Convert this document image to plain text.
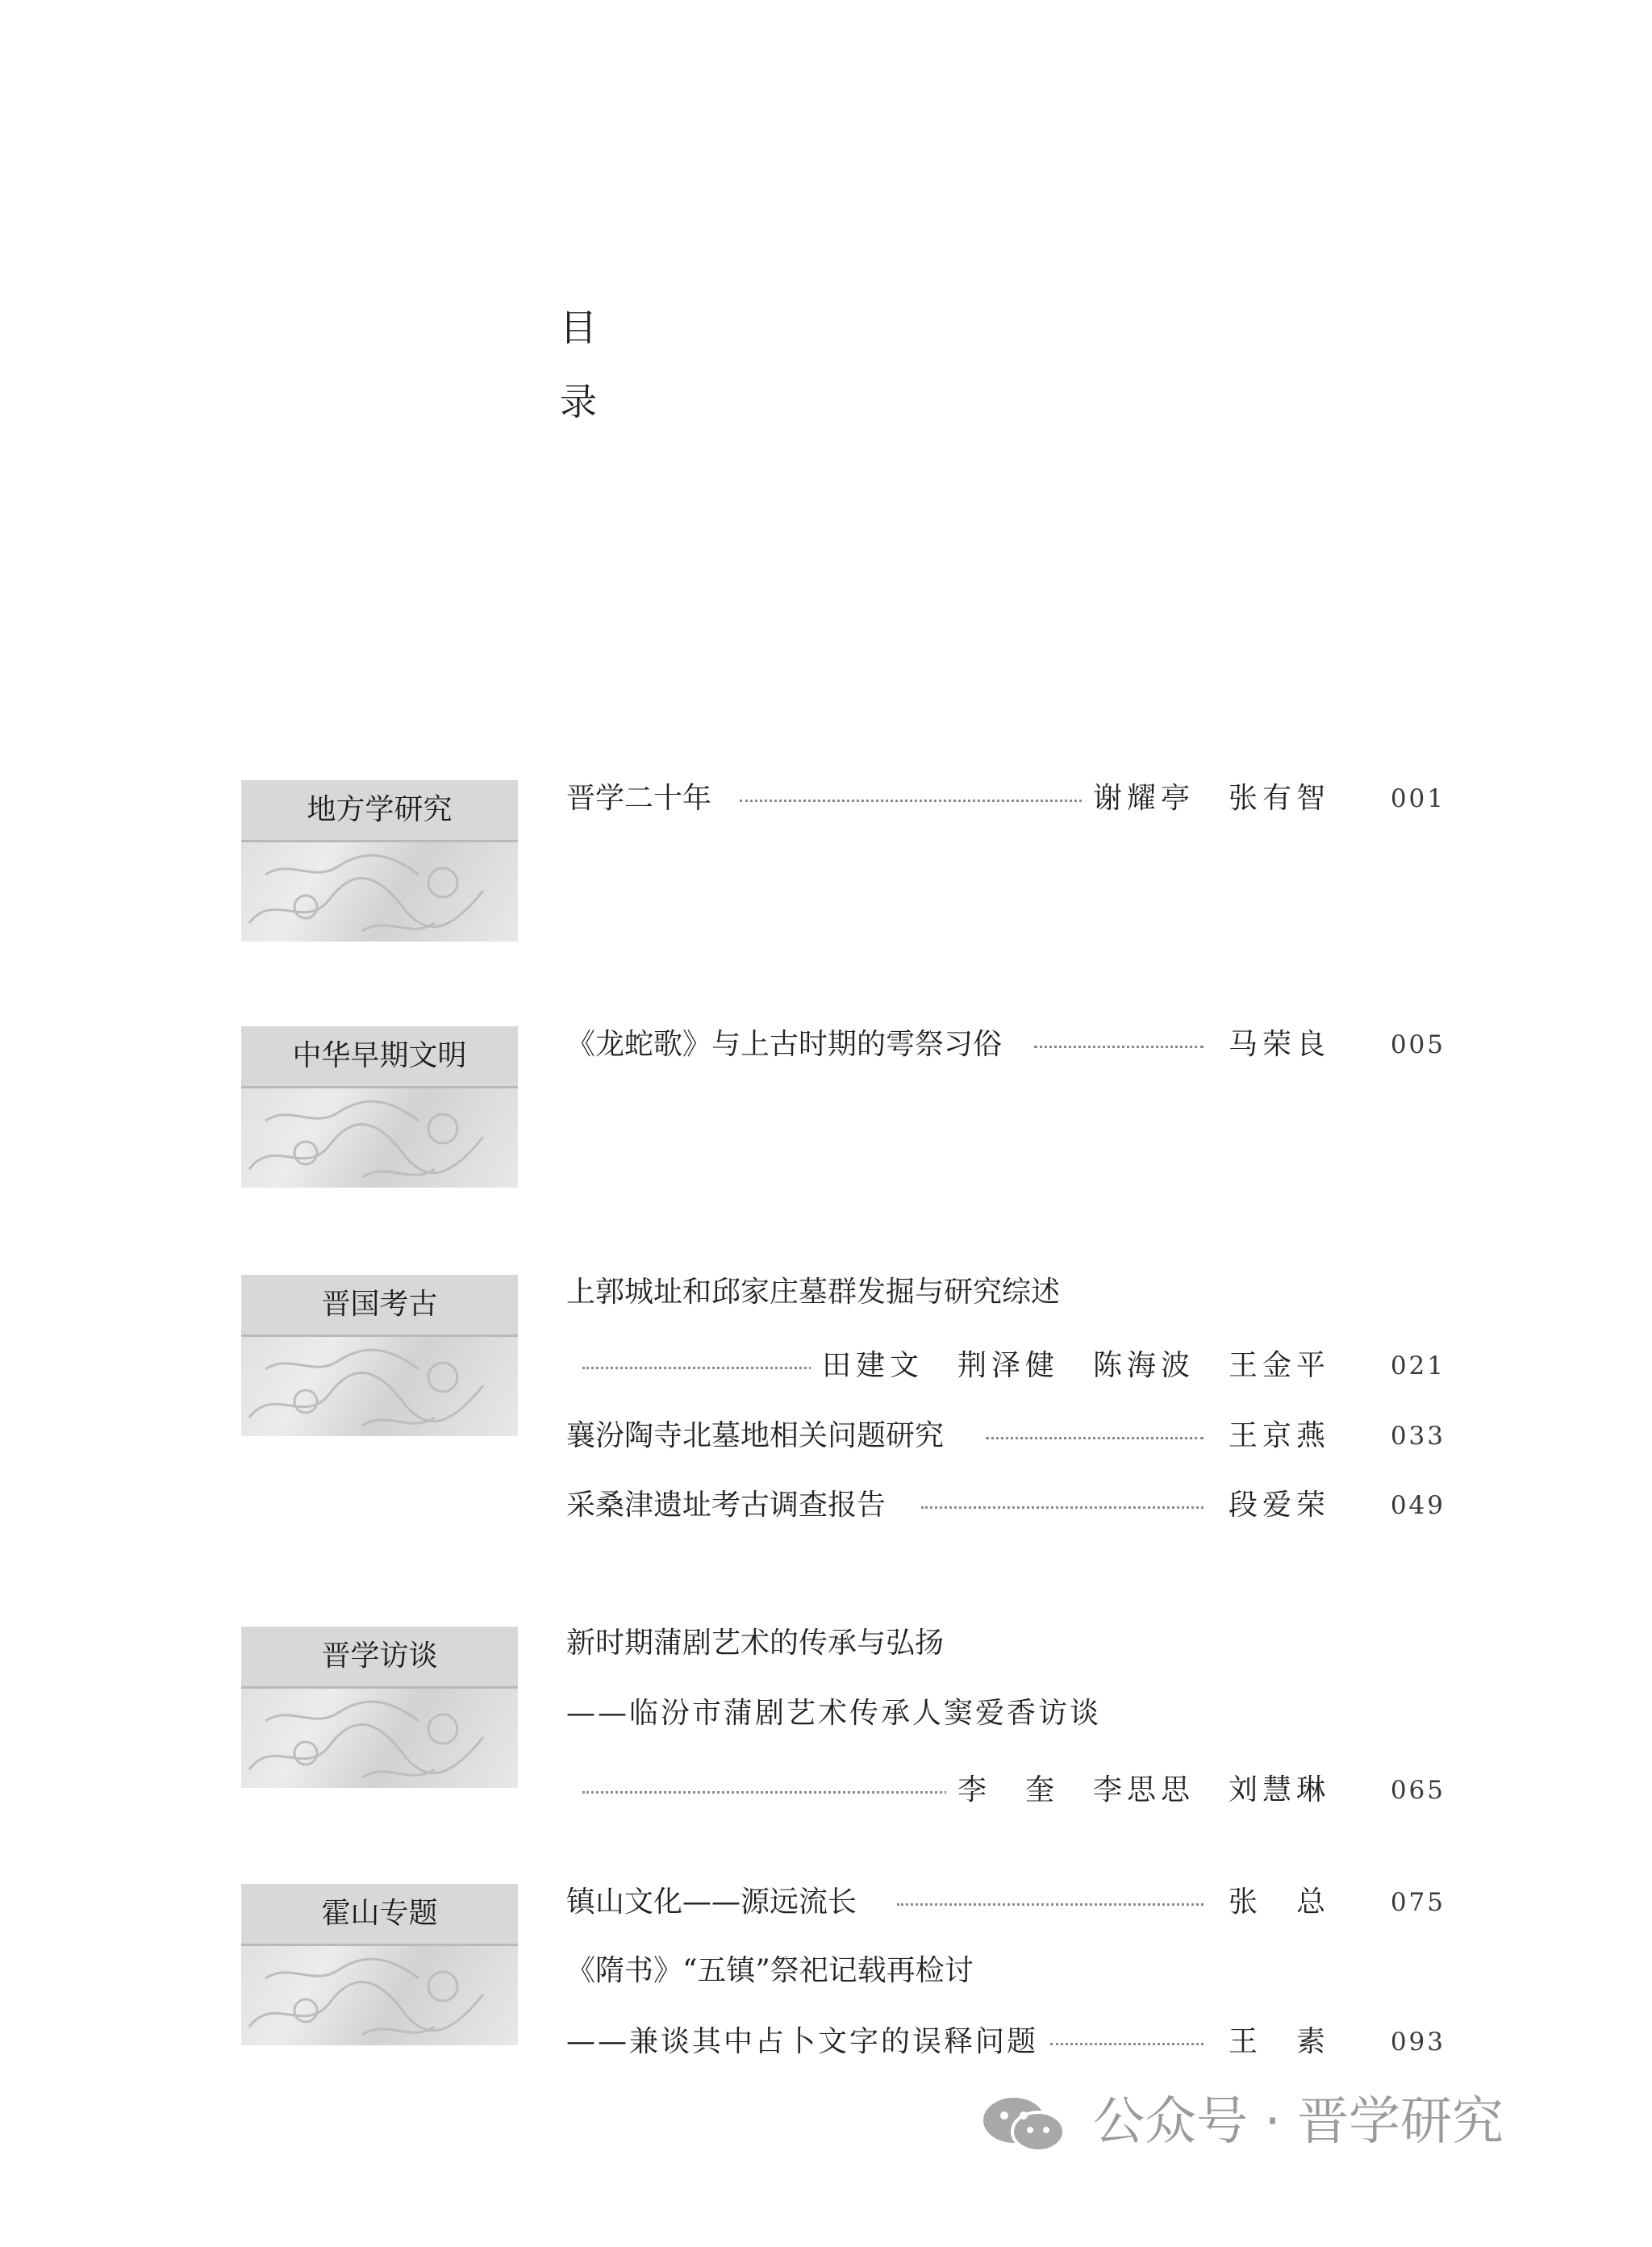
目
录
地方学研究	晋学二十年	谢耀亭　张有智	001
中华早期文明	《龙蛇歌》与上古时期的雩祭习俗	马荣良	005
晋国考古	上郭城址和邱家庄墓群发掘与研究综述
田建文　荆泽健　陈海波　王金平	021
襄汾陶寺北墓地相关问题研究	王京燕	033
采桑津遗址考古调查报告	段爱荣	049
晋学访谈	新时期蒲剧艺术的传承与弘扬
——临汾市蒲剧艺术传承人窦爱香访谈
李　奎　李思思　刘慧琳	065
霍山专题	镇山文化——源远流长	张　总	075
《隋书》“五镇”祭祀记载再检讨
——兼谈其中占卜文字的误释问题	王　素	093
公众号 · 晋学研究
